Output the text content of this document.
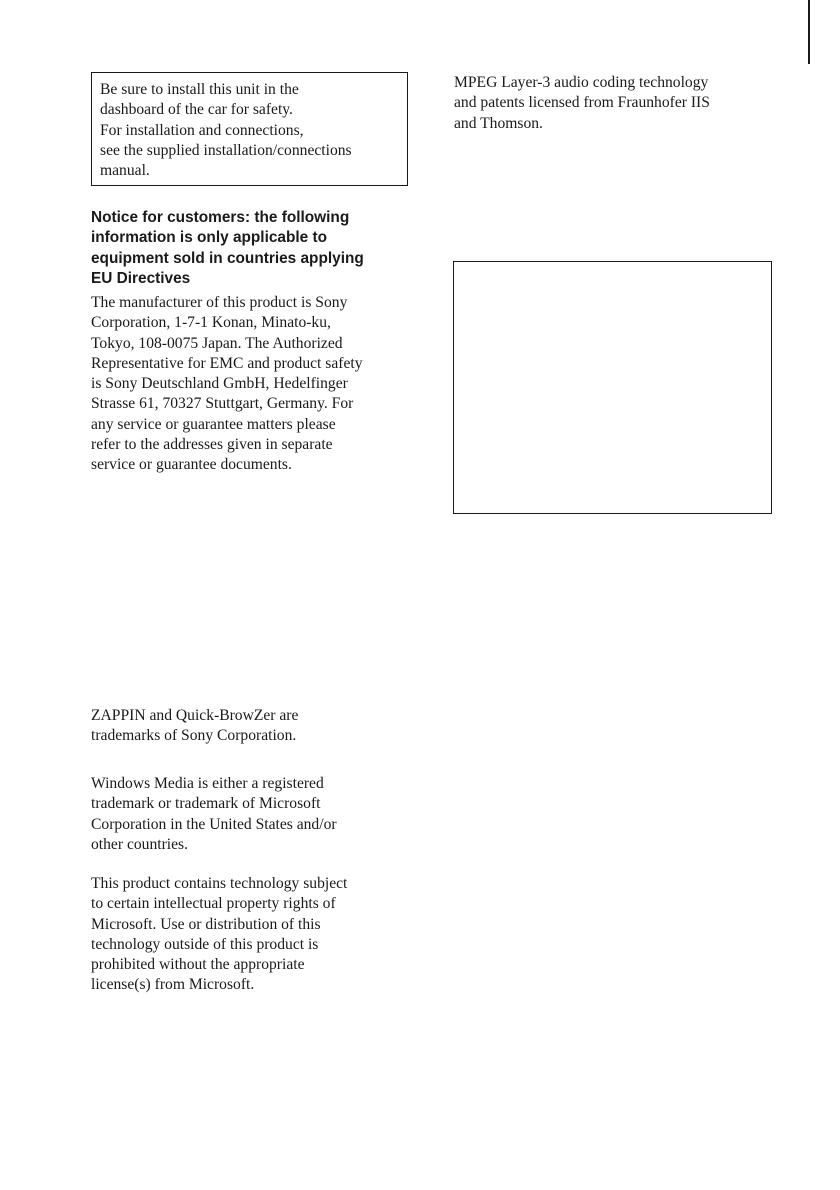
Be sure to install this unit in the

dashboard of the car for safety.

For installation and connections,

see the supplied installation/connections

manual.

Notice for customers: the following
information is only applicable to
equipment sold in countries applying
EU Directives
The manufacturer of this product is Sony
Corporation, 1-7-1 Konan, Minato-ku,
Tokyo, 108-0075 Japan. The Authorized
Representative for EMC and product safety
is Sony Deutschland GmbH, Hedelfinger
Strasse 61, 70327 Stuttgart, Germany. For
any service or guarantee matters please
refer to the addresses given in separate
service or guarantee documents.
ZAPPIN and Quick-BrowZer are
trademarks of Sony Corporation.
Windows Media is either a registered
trademark or trademark of Microsoft
Corporation in the United States and/or
other countries.
This product contains technology subject
to certain intellectual property rights of
Microsoft. Use or distribution of this
technology outside of this product is
prohibited without the appropriate
license(s) from Microsoft.
MPEG Layer-3 audio coding technology
and patents licensed from Fraunhofer IIS
and Thomson.
